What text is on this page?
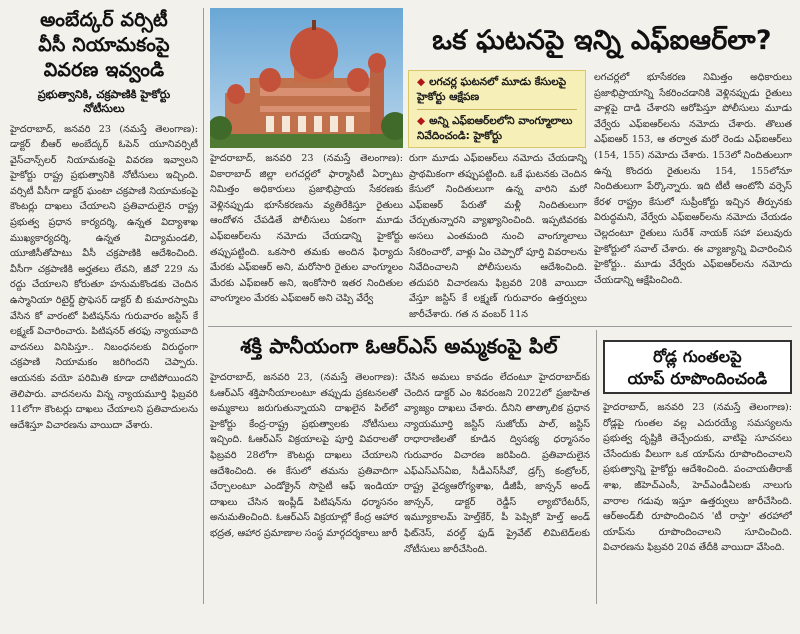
అంబేద్కర్ వర్సిటీ
వీసీ నియామకంపై
వివరణ ఇవ్వండి
ప్రభుత్వానికి, చక్రపాణికి హైకోర్టు నోటీసులు

హైదరాబాద్, జనవరి 23 (నమస్తే తెలంగాణ): డాక్టర్ బీఆర్ అంబేద్కర్ ఓపెన్ యూనివర్సిటీ వైస్‌చాన్స్‌లర్ నియామకంపై వివరణ ఇవ్వాలని హైకోర్టు రాష్ట్ర ప్రభుత్వానికి నోటీసులు ఇచ్చింది. వర్సిటీ వీసీగా డాక్టర్ ఘంటా చక్రపాణి నియామకంపై కౌంటర్లు దాఖలు చేయాలని ప్రతివాదులైన రాష్ట్ర ప్రభుత్వ ప్రధాన కార్యదర్శి, ఉన్నత విద్యాశాఖ ముఖ్యకార్యదర్శి, ఉన్నత విద్యామండలి, యూజీసీతోపాటు వీసీ చక్రపాణికి ఆదేశించింది. వీసీగా చక్రపాణికి అర్హతలు లేవని, జీవో 229 ను రద్దు చేయాలని కోరుతూ హనుమకొండకు చెందిన ఉస్మానియా రిటైర్డ్ ప్రొఫెసర్ డాక్టర్ బీ కుమారస్వామి వేసిన కో వారంటో పిటిషన్‌ను గురువారం జస్టిస్ కే లక్ష్మణ్ విచారించారు. పిటిషనర్ తరఫు న్యాయవాది వాదనలు వినిపిస్తూ.. నిబంధనలకు విరుద్ధంగా చక్రపాణి నియామకం జరిగిందని చెప్పారు. ఆయనకు వయో పరిమితి కూడా దాటిపోయిందని తెలిపారు. వాదనలను విన్న న్యాయమూర్తి ఫిబ్రవరి 11లోగా కౌంటర్లు దాఖలు చేయాలని ప్రతివాదులను ఆదేశిస్తూ విచారణను వాయిదా వేశారు.

ఒక ఘటనపై ఇన్ని ఎఫ్‌ఐఆర్‌లా?
◆ లగచర్ల ఘటనలో మూడు కేసులపై హైకోర్టు ఆక్షేపణ
◆ అన్ని ఎఫ్‌ఐఆర్‌లలోని వాంగ్మూలాలు నివేదించండి: హైకోర్టు

హైదరాబాద్, జనవరి 23 (నమస్తే తెలంగాణ): వికారాబాద్ జిల్లా లగచర్లలో ఫార్మాసిటీ ఏర్పాటు నిమిత్తం అధికారులు ప్రజాభిప్రాయ సేకరణకు వెళ్లినప్పుడు భూసేకరణను వ్యతిరేకిస్తూ రైతులు ఆందోళన చేపడితే పోలీసులు ఏకంగా మూడు ఎఫ్‌ఐఆర్‌లను నమోదు చేయడాన్ని హైకోర్టు తప్పుపట్టింది. ఒకసారి తమకు అందిన ఫిర్యాదు మేరకు ఎఫ్‌ఐఆర్ అని, మరోసారి రైతుల వాంగ్మూలం మేరకు ఎఫ్‌ఐఆర్ అని, ఇంకోసారి ఇతర నిందితుల వాంగ్మూలం మేరకు ఎఫ్‌ఐఆర్ అని చెప్పి వేర్వే

రుగా మూడు ఎఫ్‌ఐఆర్‌లు నమోదు చేయడాన్ని ప్రాథమికంగా తప్పుపట్టింది. ఒకే ఘటనకు చెందిన కేసులో నిందితులుగా ఉన్న వారిని మరో ఎఫ్‌ఐఆర్ పేరుతో మళ్లీ నిందితులుగా చేర్చుతున్నారని వ్యాఖ్యానించింది. ఇప్పటివరకు అసలు ఎంతమంది నుంచి వాంగ్మూలాలు సేకరించారో, వాళ్లు ఏం చెప్పారో పూర్తి వివరాలను నివేదించాలని పోలీసులను ఆదేశించింది. తదుపరి విచారణను ఫిబ్రవరి 20కి వాయిదా వేస్తూ జస్టిస్ కే లక్ష్మణ్ గురువారం ఉత్తర్వులు జారీచేశారు. గత న వంబర్ 11న

లగచర్లలో భూసేకరణ నిమిత్తం అధికారులు ప్రజాభిప్రాయాన్ని సేకరించడానికి వెళ్లినప్పుడు రైతులు వాళ్లపై దాడి చేశారని ఆరోపిస్తూ పోలీసులు మూడు వేర్వేరు ఎఫ్‌ఐఆర్‌లను నమోదు చేశారు. తొలుత ఎఫ్‌ఐఆర్ 153, ఆ తర్వాత మరో రెండు ఎఫ్‌ఐఆర్‌లు (154, 155) నమోదు చేశారు. 153లో నిందితులుగా ఉన్న కొందరు రైతులను 154, 155లోనూ నిందితులుగా పేర్కొన్నారు. ఇది టీటీ ఆంటోనీ వర్సెస్ కేరళ రాష్ట్రం కేసులో సుప్రీంకోర్టు ఇచ్చిన తీర్పునకు విరుద్ధమని, వేర్వేరు ఎఫ్‌ఐఆర్‌లను నమోదు చేయడం చెల్లదంటూ రైతులు సురేశ్ నాయక్ సహా పలువురు హైకోర్టులో సవాల్ చేశారు. ఈ వ్యాజ్యాన్ని విచారించిన హైకోర్టు.. మూడు వేర్వేరు ఎఫ్‌ఐఆర్‌లను నమోదు చేయడాన్ని ఆక్షేపించింది.

శక్తి పానీయంగా ఓఆర్‌ఎస్ అమ్మకంపై పిల్

హైదరాబాద్, జనవరి 23, (నమస్తే తెలంగాణ): ఓఆర్‌ఎస్ శక్తిపానీయాలంటూ తప్పుడు ప్రకటనలతో అమ్మకాలు జరుగుతున్నాయని దాఖలైన పిల్‌లో హైకోర్టు కేంద్ర-రాష్ట్ర ప్రభుత్వాలకు నోటీసులు ఇచ్చింది. ఓఆర్‌ఎస్ విక్రయాలపై పూర్తి వివరాలతో ఫిబ్రవరి 28లోగా కౌంటర్లు దాఖలు చేయాలని ఆదేశించింది. ఈ కేసులో తమను ప్రతివాదిగా చేర్చాలంటూ ఎండోక్రైన్ సొసైటీ ఆఫ్ ఇండియా దాఖలు చేసిన ఇంప్లీడ్ పిటిషన్‌ను ధర్మాసనం అనుమతించింది. ఓఆర్‌ఎస్ విక్రయాల్లో కేంద్ర ఆహార భద్రత, ఆహార ప్రమాణాల సంస్థ మార్గదర్శకాలు జారీ

చేసిన అమలు కావడం లేదంటూ హైదరాబాద్‌కు చెందిన డాక్టర్ ఎం శివరంజని 2022లో ప్రజాహిత వ్యాజ్యం దాఖలు చేశారు. దీనిని తాత్కాలిక ప్రధాన న్యాయమూర్తి జస్టిస్ సుజోయ్ పాల్, జస్టిస్ రాధారాణిలతో కూడిన ద్విసభ్య ధర్మాసనం గురువారం విచారణ జరిపింది. ప్రతివాదులైన ఎఫ్‌ఎస్‌ఎస్‌ఏఐ, సీడీఎస్‌సీవో, డ్రగ్స్ కంట్రోలర్, రాష్ట్ర వైద్యఆరోగ్యశాఖ, డీజీపీ, జాన్సన్ అండ్ జాన్సన్, డాక్టర్ రెడ్డీస్ ల్యాబొరేటరీస్, ఇమ్యూకాలమ్ హెల్త్‌కేర్, పీ పెప్సికో హెల్త్ అండ్ ఫిట్‌నెస్, వరల్డ్ ఫుడ్ ప్రైవేట్ లిమిటెడ్‌లకు నోటీసులు జారీచేసింది.

రోడ్ల గుంతలపై
యాప్ రూపొందించండి

హైదరాబాద్, జనవరి 23 (నమస్తే తెలంగాణ): రోడ్లపై గుంతల వల్ల ఎదురయ్యే సమస్యలను ప్రభుత్వ దృష్టికి తెచ్చేందుకు, వాటిపై సూచనలు చేసేందుకు వీలుగా ఒక యాప్‌ను రూపొందించాలని ప్రభుత్వాన్ని హైకోర్టు ఆదేశించింది. పంచాయతీరాజ్ శాఖ, జీహెచ్‌ఎంసీ, హెచ్‌ఎండీఏలకు నాలుగు వారాల గడువు ఇస్తూ ఉత్తర్వులు జారీచేసింది. ఆర్‌అండ్‌బీ రూపొందించిన 'టీ రాస్తా' తరహాలో యాప్‌ను రూపొందించాలని సూచించింది. విచారణను ఫిబ్రవరి 20వ తేదీకి వాయిదా వేసింది.
